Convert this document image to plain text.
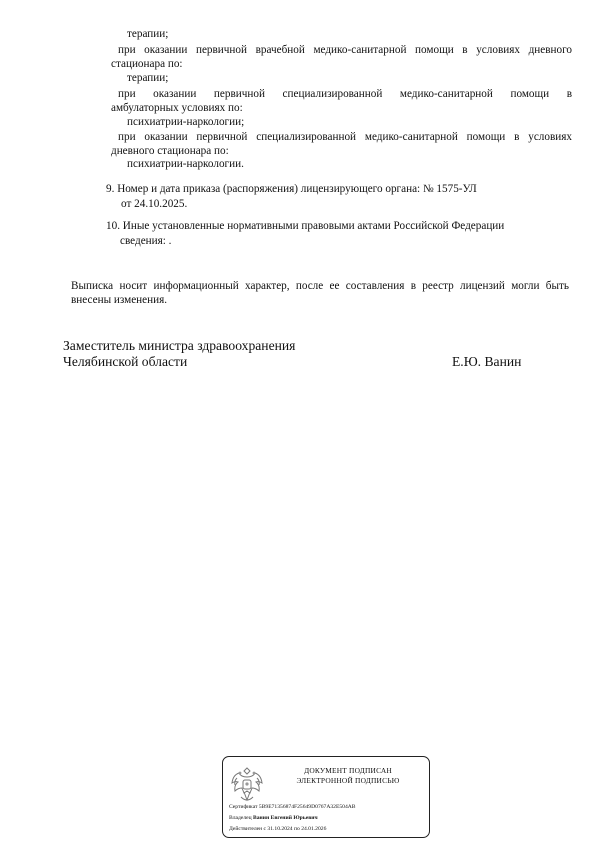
терапии;
при оказании первичной врачебной медико-санитарной помощи в условиях дневного
стационара по:
терапии;
при оказании первичной специализированной медико-санитарной помощи в
амбулаторных условиях по:
психиатрии-наркологии;
при оказании первичной специализированной медико-санитарной помощи в условиях
дневного стационара по:
психиатрии-наркологии.
9. Номер и дата приказа (распоряжения) лицензирующего органа: № 1575-УЛ
от 24.10.2025.
10. Иные установленные нормативными правовыми актами Российской Федерации
сведения: .
Выписка носит информационный характер, после ее составления в реестр лицензий могли быть
внесены изменения.
Заместитель министра здравоохранения
Челябинской области	Е.Ю. Ванин
ДОКУМЕНТ ПОДПИСАН
ЭЛЕКТРОННОЙ ПОДПИСЬЮ
Сертификат 5B9E71356874F25649D0767A32E504AB
Владелец Ванин Евгений Юрьевич
Действителен с 31.10.2024 по 24.01.2026
